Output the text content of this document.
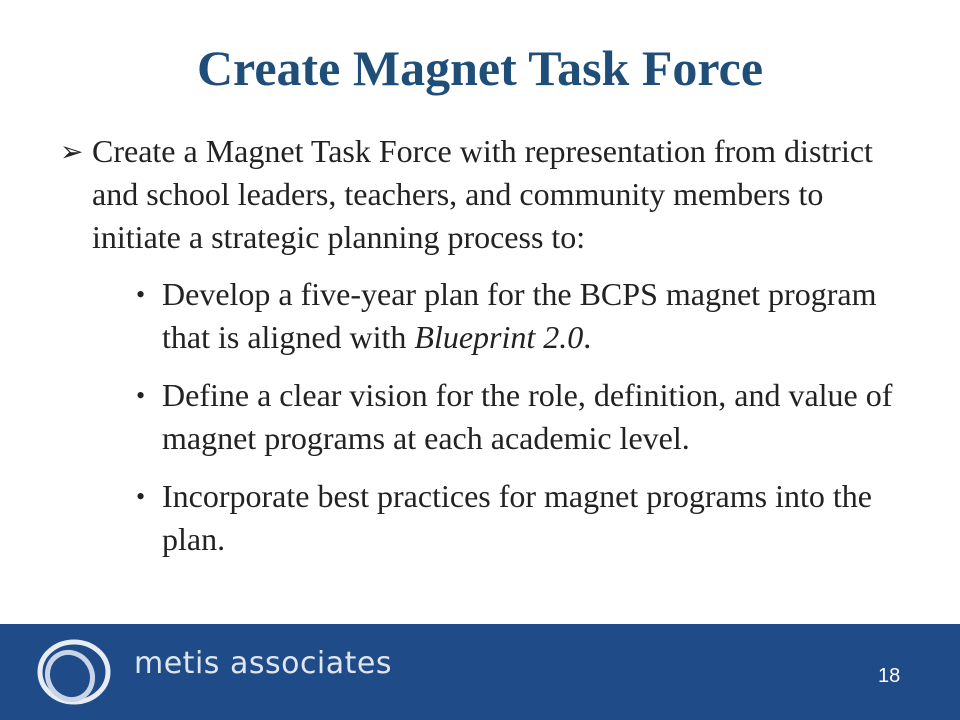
Create Magnet Task Force
➢ Create a Magnet Task Force with representation from district and school leaders, teachers, and community members to initiate a strategic planning process to:
• Develop a five-year plan for the BCPS magnet program that is aligned with Blueprint 2.0.
• Define a clear vision for the role, definition, and value of magnet programs at each academic level.
• Incorporate best practices for magnet programs into the plan.
metis associates	18
